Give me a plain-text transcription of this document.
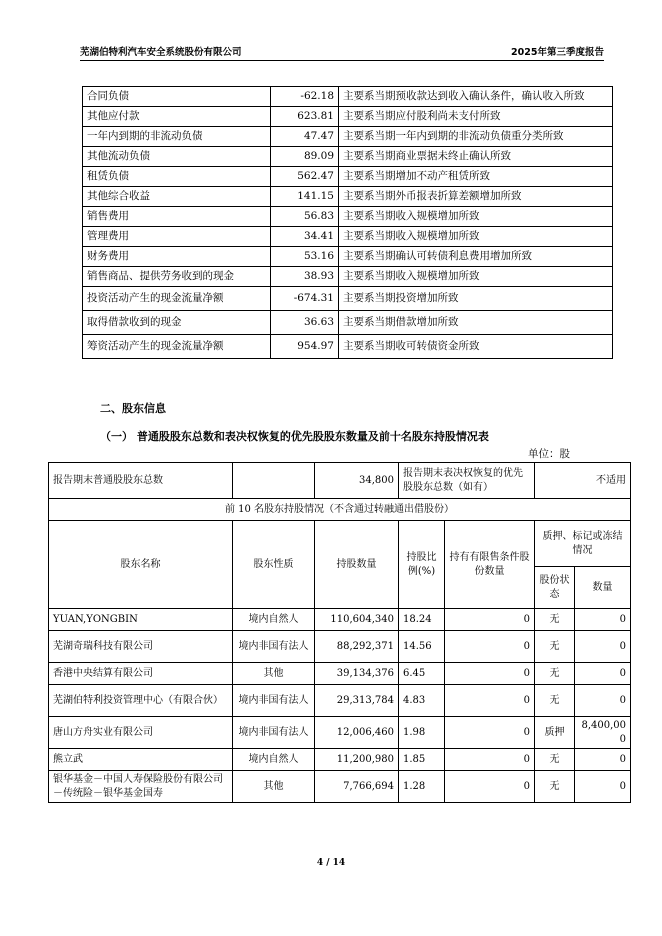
芜湖伯特利汽车安全系统股份有限公司	2025年第三季度报告
合同负债	-62.18	主要系当期预收款达到收入确认条件，确认收入所致
其他应付款	623.81	主要系当期应付股利尚未支付所致
一年内到期的非流动负债	47.47	主要系当期一年内到期的非流动负债重分类所致
其他流动负债	89.09	主要系当期商业票据未终止确认所致
租赁负债	562.47	主要系当期增加不动产租赁所致
其他综合收益	141.15	主要系当期外币报表折算差额增加所致
销售费用	56.83	主要系当期收入规模增加所致
管理费用	34.41	主要系当期收入规模增加所致
财务费用	53.16	主要系当期确认可转债利息费用增加所致
销售商品、提供劳务收到的现金	38.93	主要系当期收入规模增加所致
投资活动产生的现金流量净额	-674.31	主要系当期投资增加所致
取得借款收到的现金	36.63	主要系当期借款增加所致
筹资活动产生的现金流量净额	954.97	主要系当期收可转债资金所致
二、股东信息
（一） 普通股股东总数和表决权恢复的优先股股东数量及前十名股东持股情况表
单位：股
报告期末普通股股东总数		34,800	报告期末表决权恢复的优先股股东总数（如有）		不适用	
前 10 名股东持股情况（不含通过转融通出借股份）						
股东名称	股东性质	持股数量	持股比例(%)	持有有限售条件股份数量	质押、标记或冻结情况	
					股份状态	数量
YUAN,YONGBIN	境内自然人	110,604,340	18.24	0	无	0
芜湖奇瑞科技有限公司	境内非国有法人	88,292,371	14.56	0	无	0
香港中央结算有限公司	其他	39,134,376	6.45	0	无	0
芜湖伯特利投资管理中心（有限合伙）	境内非国有法人	29,313,784	4.83	0	无	0
唐山方舟实业有限公司	境内非国有法人	12,006,460	1.98	0	质押	8,400,000
熊立武	境内自然人	11,200,980	1.85	0	无	0
银华基金－中国人寿保险股份有限公司－传统险－银华基金国寿	其他	7,766,694	1.28	0	无	0
4 / 14
